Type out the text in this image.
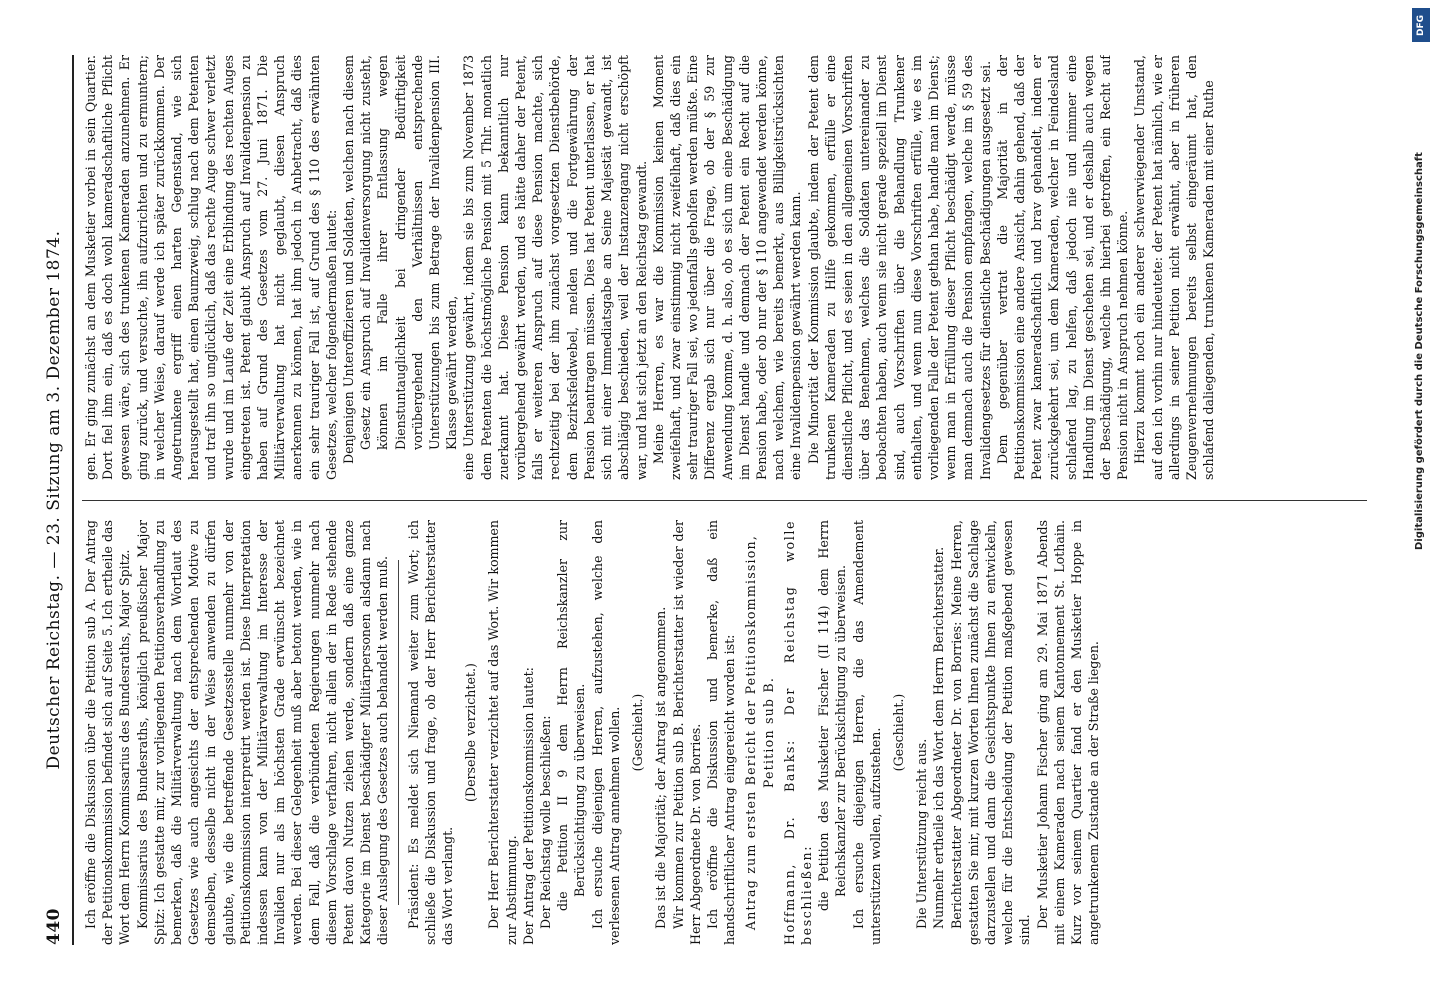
440
Deutscher Reichstag. — 23. Sitzung am 3. Dezember 1874. Ich eröffne die Diskussion über die Petition sub A. Der Antrag der Petitionskommission befindet sich auf Seite 5. Ich ertheile das Wort dem Herrn Kommissarius des Bundesraths, Major Spitz. Kommissarius des Bundesraths, königlich preußischer Major Spitz: Ich gestatte mir, zur vorliegenden Petitionsverhandlung zu bemerken, daß die Militärverwaltung nach dem Wortlaut des Gesetzes wie auch angesichts der entsprechenden Motive zu demselben, desselbe nicht in der Weise anwenden zu dürfen glaubte, wie die betreffende Gesetzesstelle nunmehr von der Petitionskommission interpretirt werden ist. Diese Interpretation indessen kann von der Militärverwaltung im Interesse der Invaliden nur als im höchsten Grade erwünscht bezeichnet werden. Bei dieser Gelegenheit muß aber betont werden, wie in dem Fall, daß die verbündeten Regierungen nunmehr nach diesem Vorschlage verfahren, nicht allein der in Rede stehende Petent davon Nutzen ziehen werde, sondern daß eine ganze Kategorie im Dienst beschädigter Militärpersonen alsdann nach dieser Auslegung des Gesetzes auch behandelt werden muß. Präsident: Es meldet sich Niemand weiter zum Wort; ich schließe die Diskussion und frage, ob der Herr Berichterstatter das Wort verlangt.

(Derselbe verzichtet.) Der Herr Berichterstatter verzichtet auf das Wort. Wir kommen zur Abstimmung. Der Antrag der Petitionskommission lautet: Der Reichstag wolle beschließen: die Petition II 9 dem Herrn Reichskanzler zur Berücksichtigung zu überweisen. Ich ersuche diejenigen Herren, aufzustehen, welche den verlesenen Antrag annehmen wollen. (Geschieht.) Das ist die Majorität; der Antrag ist angenommen. Wir kommen zur Petition sub B. Berichterstatter ist wieder der Herr Abgeordnete Dr. von Borries. Ich eröffne die Diskussion und bemerke, daß ein handschriftlicher Antrag eingereicht worden ist: Antrag zum ersten Bericht der Petitionskommission, Petition sub B. Hoffmann, Dr. Banks: Der Reichstag wolle beschließen: die Petition des Musketier Fischer (II 114) dem Herrn Reichskanzler zur Berücksichtigung zu überweisen. Ich ersuche diejenigen Herren, die das Amendement unterstützen wollen, aufzustehen. (Geschieht.)

Die Unterstützung reicht aus. Nunmehr ertheile ich das Wort dem Herrn Berichterstatter. Berichterstatter Abgeordneter Dr. von Borries: Meine Herren, gestatten Sie mir, mit kurzen Worten Ihnen zunächst die Sachlage darzustellen und dann die Gesichtspunkte Ihnen zu entwickeln, welche für die Entscheidung der Petition maßgebend gewesen sind.

Der Musketier Johann Fischer ging am 29. Mai 1871 Abends mit einem Kameraden nach seinem Kantonnement St. Lothain. Kurz vor seinem Quartier fand er den Musketier Hoppe in angetrunkenem Zustande an der Straße liegen.

gen. Er ging zunächst an dem Musketier vorbei in sein Quartier. Dort fiel ihm ein, daß es doch wohl kameradschaftliche Pflicht gewesen wäre, sich des trunkenen Kameraden anzunehmen. Er ging zurück, und versuchte, ihn aufzurichten und zu ermuntern; in welcher Weise, darauf werde ich später zurückkommen. Der Angetrunkene ergriff einen harten Gegenstand, wie sich herausgestellt hat, einen Baumzweig, schlug nach dem Petenten und traf ihn so unglücklich, daß das rechte Auge schwer verletzt wurde und im Laufe der Zeit eine Erblindung des rechten Auges eingetreten ist. Petent glaubt Anspruch auf Invalidenpension zu haben auf Grund des Gesetzes vom 27. Juni 1871. Die Militärverwaltung hat nicht geglaubt, diesen Anspruch anerkennen zu können, hat ihm jedoch in Anbetracht, daß dies ein sehr trauriger Fall ist, auf Grund des § 110 des erwähnten Gesetzes, welcher folgendermaßen lautet: Denjenigen Unteroffizieren und Soldaten, welchen nach diesem Gesetz ein Anspruch auf Invalidenversorgung nicht zusteht, können im Falle ihrer Entlassung wegen Dienstuntauglichkeit bei dringender Bedürftigkeit vorübergehend den Verhältnissen entsprechende Unterstützungen bis zum Betrage der Invalidenpension III. Klasse gewährt werden, eine Unterstützung gewährt, indem sie bis zum November 1873 dem Petenten die höchstmögliche Pension mit 5 Thlr. monatlich zuerkannt hat. Diese Pension kann bekanntlich nur vorübergehend gewährt werden, und es hätte daher der Petent, falls er weiteren Anspruch auf diese Pension machte, sich rechtzeitig bei der ihm zunächst vorgesetzten Dienstbehörde, dem Bezirksfeldwebel, melden und die Fortgewährung der Pension beantragen müssen. Dies hat Petent unterlassen, er hat sich mit einer Immediatsgabe an Seine Majestät gewandt, ist abschlägig beschieden, weil der Instanzengang nicht erschöpft war, und hat sich jetzt an den Reichstag gewandt. Meine Herren, es war die Kommission keinen Moment zweifelhaft, und zwar einstimmig nicht zweifelhaft, daß dies ein sehr trauriger Fall sei, wo jedenfalls geholfen werden müßte. Eine Differenz ergab sich nur über die Frage, ob der § 59 zur Anwendung komme, d. h. also, ob es sich um eine Beschädigung im Dienst handle und demnach der Petent ein Recht auf die Pension habe, oder ob nur der § 110 angewendet werden könne, nach welchem, wie bereits bemerkt, aus Billigkeitsrücksichten eine Invalidenpension gewährt werden kann. Die Minorität der Kommission glaubte, indem der Petent dem trunkenen Kameraden zu Hilfe gekommen, erfülle er eine dienstliche Pflicht, und es seien in den allgemeinen Vorschriften über das Benehmen, welches die Soldaten untereinander zu beobachten haben, auch wenn sie nicht gerade speziell im Dienst sind, auch Vorschriften über die Behandlung Trunkener enthalten, und wenn nun diese Vorschriften erfülle, wie es im vorliegenden Falle der Petent gethan habe, handle man im Dienst; wenn man in Erfüllung dieser Pflicht beschädigt werde, müsse man demnach auch die Pension empfangen, welche im § 59 des Invalidengesetzes für dienstliche Beschädigungen ausgesetzt sei. Dem gegenüber vertrat die Majorität in der Petitionskommission eine andere Ansicht, dahin gehend, daß der Petent zwar kameradschaftlich und brav gehandelt, indem er zurückgekehrt sei, um dem Kameraden, welcher in Feindesland schlafend lag, zu helfen, daß jedoch nie und nimmer eine Handlung im Dienst geschehen sei, und er deshalb auch wegen der Beschädigung, welche ihn hierbei getroffen, ein Recht auf Pension nicht in Anspruch nehmen könne. Hierzu kommt noch ein anderer schwerwiegender Umstand, auf den ich vorhin nur hindeutete: der Petent hat nämlich, wie er allerdings in seiner Petition nicht erwähnt, aber in früheren Zeugenvernehmungen bereits selbst eingeräumt hat, den schlafend daliegenden, trunkenen Kameraden mit einer Ruthe

DFG
Digitalisierung gefördert durch die Deutsche Forschungsgemeinschaft
